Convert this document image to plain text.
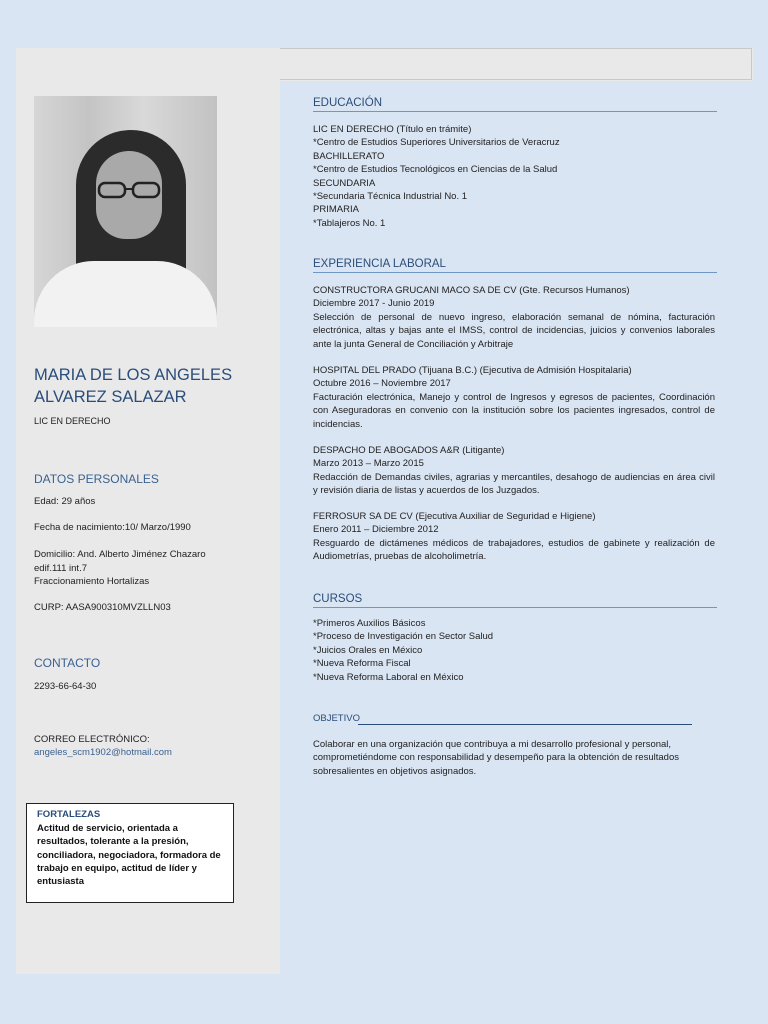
MARIA DE LOS ANGELES
ALVAREZ SALAZAR
LIC EN DERECHO
DATOS PERSONALES
Edad: 29 años
Fecha de nacimiento:10/ Marzo/1990
Domicilio: And. Alberto Jiménez Chazaro
edif.111 int.7
Fraccionamiento Hortalizas
CURP: AASA900310MVZLLN03
CONTACTO
2293-66-64-30
CORREO ELECTRÓNICO:
angeles_scm1902@hotmail.com

FORTALEZAS

Actitud de servicio, orientada a resultados, tolerante a la presión, conciliadora, negociadora, formadora de trabajo en equipo, actitud de líder y entusiasta

EDUCACIÓN
LIC EN DERECHO (Título en trámite)
*Centro de Estudios Superiores Universitarios de Veracruz
BACHILLERATO
*Centro de Estudios Tecnológicos en Ciencias de la Salud
SECUNDARIA
*Secundaria Técnica Industrial No. 1
PRIMARIA
*Tablajeros No. 1
EXPERIENCIA LABORAL
CONSTRUCTORA GRUCANI MACO SA DE CV (Gte. Recursos Humanos)
Diciembre 2017 - Junio 2019
Selección de personal de nuevo ingreso, elaboración semanal de nómina, facturación electrónica, altas y bajas ante el IMSS, control de incidencias, juicios y convenios laborales ante la junta General de Conciliación y Arbitraje
HOSPITAL DEL PRADO (Tijuana B.C.) (Ejecutiva de Admisión Hospitalaria)
Octubre 2016 – Noviembre 2017
Facturación electrónica, Manejo y control de Ingresos y egresos de pacientes, Coordinación con Aseguradoras en convenio con la institución sobre los pacientes ingresados, control de incidencias.
DESPACHO DE ABOGADOS A&R (Litigante)
Marzo 2013 – Marzo 2015
Redacción de Demandas civiles, agrarias y mercantiles, desahogo de audiencias en área civil y revisión diaria de listas y acuerdos de los Juzgados.
FERROSUR SA DE CV (Ejecutiva Auxiliar de Seguridad e Higiene)
Enero 2011 – Diciembre 2012
Resguardo de dictámenes médicos de trabajadores, estudios de gabinete y realización de Audiometrías, pruebas de alcoholimetría.
CURSOS
*Primeros Auxilios Básicos
*Proceso de Investigación en Sector Salud
*Juicios Orales en México
*Nueva Reforma Fiscal
*Nueva Reforma Laboral en México
OBJETIVO
Colaborar en una organización que contribuya a mi desarrollo profesional y personal, comprometiéndome con responsabilidad y desempeño para la obtención de resultados sobresalientes en objetivos asignados.
